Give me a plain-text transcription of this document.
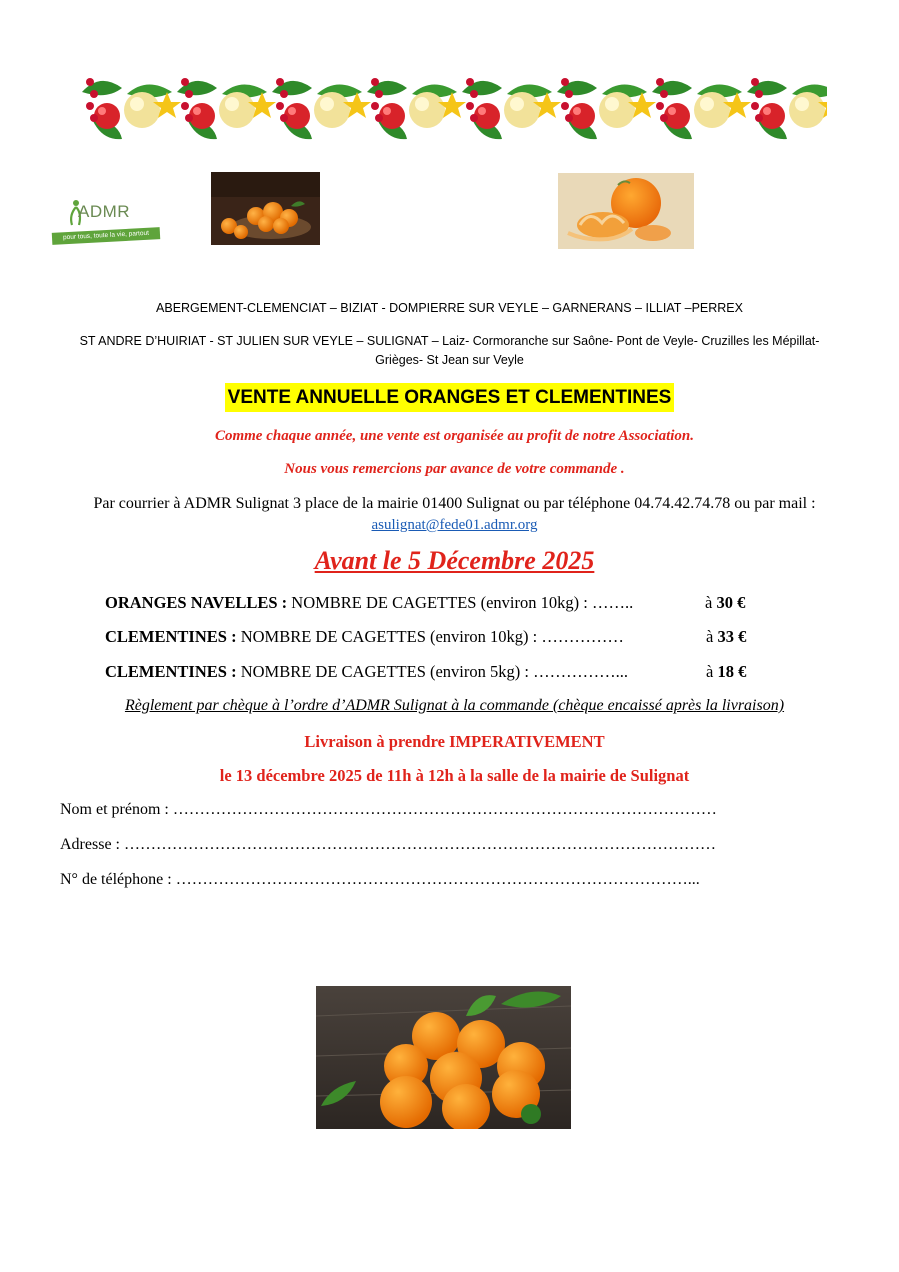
ADMR
pour tous, toute la vie, partout
ABERGEMENT-CLEMENCIAT – BIZIAT - DOMPIERRE SUR VEYLE – GARNERANS – ILLIAT –PERREX
ST ANDRE D’HUIRIAT - ST JULIEN SUR VEYLE – SULIGNAT – Laiz- Cormoranche sur Saône- Pont de Veyle- Cruzilles les Mépillat-
Grièges- St Jean sur Veyle
VENTE ANNUELLE ORANGES ET CLEMENTINES
Comme chaque année, une vente est organisée au profit de notre Association.
Nous vous remercions par avance de votre commande .
Par courrier à ADMR Sulignat 3 place de la mairie 01400 Sulignat ou par téléphone 04.74.42.74.78 ou par mail :
asulignat@fede01.admr.org
Avant le 5 Décembre 2025
ORANGES NAVELLES : NOMBRE DE CAGETTES (environ 10kg) : ……..	à 30 €
CLEMENTINES : NOMBRE DE CAGETTES (environ 10kg) : ……………	à 33 €
CLEMENTINES : NOMBRE DE CAGETTES (environ 5kg) : ……………...	à 18 €
Règlement par chèque à l’ordre d’ADMR Sulignat à la commande (chèque encaissé après la livraison)
Livraison à prendre IMPERATIVEMENT
le 13 décembre 2025 de 11h à 12h à la salle de la mairie de Sulignat
Nom et prénom : …………………………………………………………………………………………
Adresse : …………………………………………………………………………………………………
N° de téléphone : ……………………………………………………………………………………...
